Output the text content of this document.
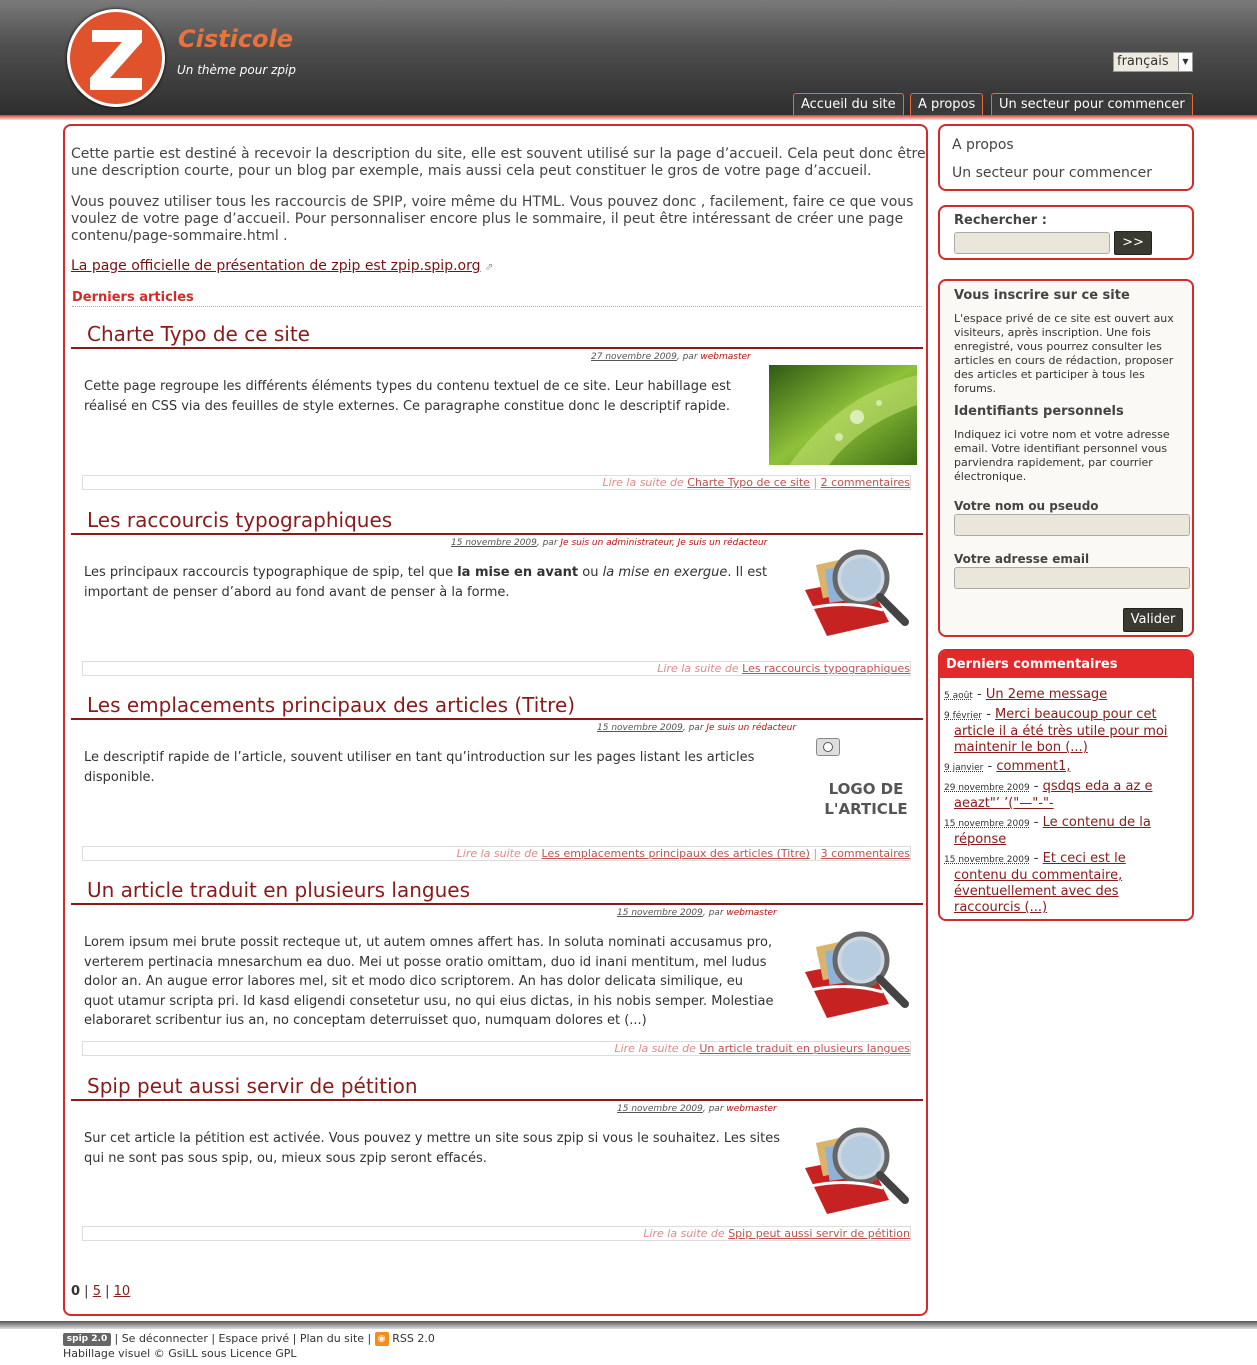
Cisticole
Un thème pour zpip
français	▼
Accueil du site	A propos	Un secteur pour commencer

Cette partie est destiné à recevoir la description du site, elle est souvent utilisé sur la page d’accueil. Cela peut donc être une description courte, pour un blog par exemple, mais aussi cela peut constituer le gros de votre page d’accueil.

Vous pouvez utiliser tous les raccourcis de SPIP, voire même du HTML. Vous pouvez donc , facilement, faire ce que vous voulez de votre page d’accueil. Pour personnaliser encore plus le sommaire, il peut être intéressant de créer une page contenu/page-sommaire.html .

La page officielle de présentation de zpip est zpip.spip.org ⇗
Derniers articles
Charte Typo de ce site
27 novembre 2009, par webmaster

Cette page regroupe les différents éléments types du contenu textuel de ce site. Leur habillage est réalisé en CSS via des feuilles de style externes. Ce paragraphe constitue donc le descriptif rapide.

Lire la suite de Charte Typo de ce site | 2 commentaires
Les raccourcis typographiques
15 novembre 2009, par Je suis un administrateur, Je suis un rédacteur

Les principaux raccourcis typographique de spip, tel que la mise en avant ou la mise en exergue. Il est important de penser d’abord au fond avant de penser à la forme.

Lire la suite de Les raccourcis typographiques
Les emplacements principaux des articles (Titre)
15 novembre 2009, par Je suis un rédacteur

Le descriptif rapide de l’article, souvent utiliser en tant qu’introduction sur les pages listant les articles disponible.

LOGO DE L'ARTICLE
Lire la suite de Les emplacements principaux des articles (Titre) | 3 commentaires
Un article traduit en plusieurs langues
15 novembre 2009, par webmaster

Lorem ipsum mei brute possit recteque ut, ut autem omnes affert has. In soluta nominati accusamus pro, verterem pertinacia mnesarchum ea duo. Mei ut posse oratio omittam, duo id inani mentitum, mel ludus dolor an. An augue error labores mel, sit et modo dico scriptorem. An has dolor delicata similique, eu quot utamur scripta pri. Id kasd eligendi consetetur usu, no qui eius dictas, in his nobis semper. Molestiae elaboraret scribentur ius an, no conceptam deterruisset quo, numquam dolores et (...)

Lire la suite de Un article traduit en plusieurs langues
Spip peut aussi servir de pétition
15 novembre 2009, par webmaster

Sur cet article la pétition est activée. Vous pouvez y mettre un site sous zpip si vous le souhaitez. Les sites qui ne sont pas sous spip, ou, mieux sous zpip seront effacés.

Lire la suite de Spip peut aussi servir de pétition
0 | 5 | 10
A propos
Un secteur pour commencer
Rechercher :
>>
Vous inscrire sur ce site

L'espace privé de ce site est ouvert aux visiteurs, après inscription. Une fois enregistré, vous pourrez consulter les articles en cours de rédaction, proposer des articles et participer à tous les forums.

Identifiants personnels

Indiquez ici votre nom et votre adresse email. Votre identifiant personnel vous parviendra rapidement, par courrier électronique.

Votre nom ou pseudo
Votre adresse email
Valider
Derniers commentaires
5 août - Un 2eme message
9 février - Merci beaucoup pour cet article il a été très utile pour moi maintenir le bon (...)
9 janvier - comment1,
29 novembre 2009 - qsdqs eda a az e aeazt"’ ’("—"-"-
15 novembre 2009 - Le contenu de la réponse
15 novembre 2009 - Et ceci est le contenu du commentaire, éventuellement avec des raccourcis (...)
spip 2.0 | Se déconnecter | Espace privé | Plan du site | ◉ RSS 2.0
Habillage visuel © GsiLL sous Licence GPL
